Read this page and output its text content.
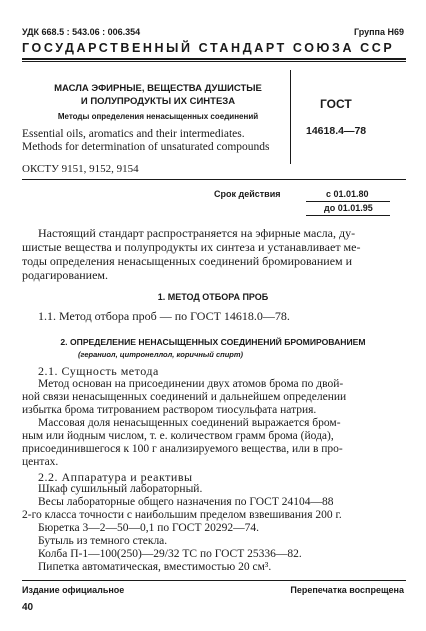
УДК 668.5 : 543.06 : 006.354	Группа Н69
ГОСУДАРСТВЕННЫЙ СТАНДАРТ СОЮЗА ССР
МАСЛА ЭФИРНЫЕ, ВЕЩЕСТВА ДУШИСТЫЕ
И ПОЛУПРОДУКТЫ ИХ СИНТЕЗА
Методы определения ненасыщенных соединений
Essential oils, aromatics and their intermediates.
Methods for determination of unsaturated compounds
ГОСТ
14618.4—78
ОКСТУ 9151, 9152, 9154
Срок действия	с 01.01.80
до 01.01.95
Настоящий стандарт распространяется на эфирные масла, ду-
шистые вещества и полупродукты их синтеза и устанавливает ме-
тоды определения ненасыщенных соединений бромированием и
родагированием.
1. МЕТОД ОТБОРА ПРОБ
1.1. Метод отбора проб — по ГОСТ 14618.0—78.
2. ОПРЕДЕЛЕНИЕ НЕНАСЫЩЕННЫХ СОЕДИНЕНИЙ БРОМИРОВАНИЕМ
(гераниол, цитронеллол, коричный спирт)
2.1. Сущность метода
Метод основан на присоединении двух атомов брома по двой-
ной связи ненасыщенных соединений и дальнейшем определении
избытка брома титрованием раствором тиосульфата натрия.
Массовая доля ненасыщенных соединений выражается бром-
ным или йодным числом, т. е. количеством грамм брома (йода),
присоединившегося к 100 г анализируемого вещества, или в про-
центах.
2.2. Аппаратура и реактивы
Шкаф сушильный лабораторный.
Весы лабораторные общего назначения по ГОСТ 24104—88
2-го класса точности с наибольшим пределом взвешивания 200 г.
Бюретка 3—2—50—0,1 по ГОСТ 20292—74.
Бутыль из темного стекла.
Колба П-1—100(250)—29/32 ТС по ГОСТ 25336—82.
Пипетка автоматическая, вместимостью 20 см³.
Издание официальное	Перепечатка воспрещена
40
